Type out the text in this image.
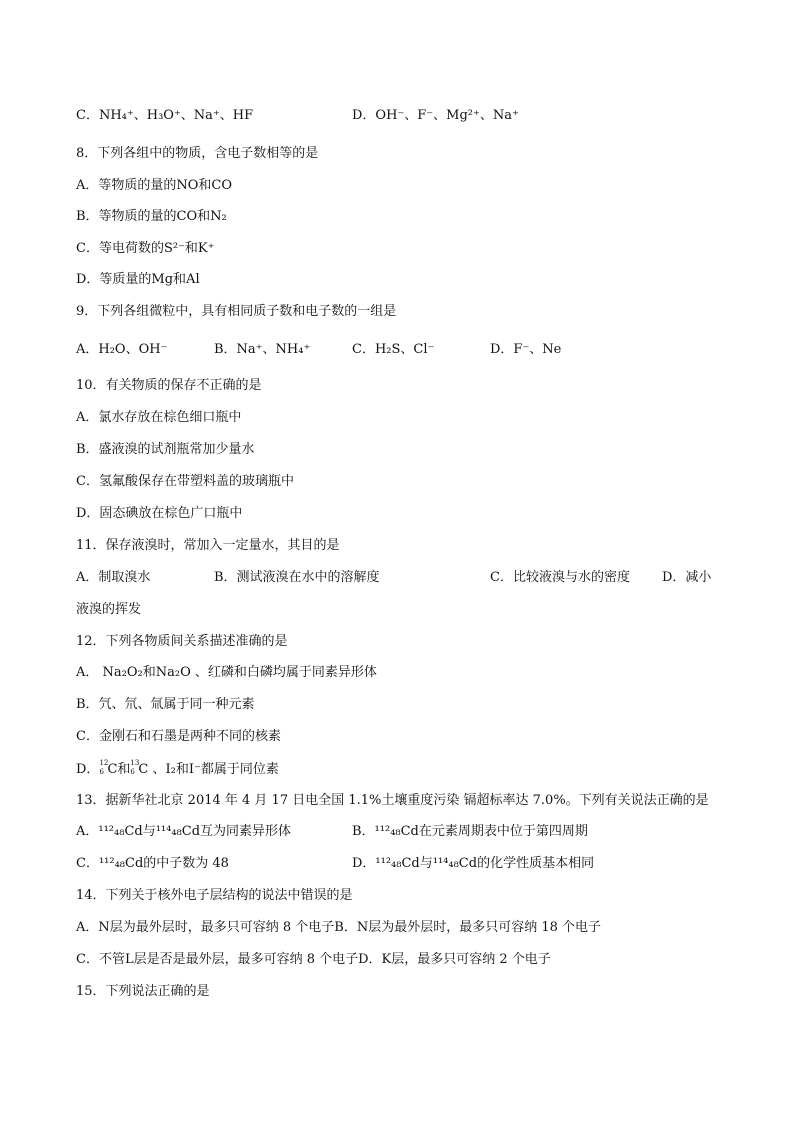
C．NH₄⁺、H₃O⁺、Na⁺、HF	D．OH⁻、F⁻、Mg²⁺、Na⁺
8．下列各组中的物质，含电子数相等的是
A．等物质的量的NO和CO
B．等物质的量的CO和N₂
C．等电荷数的S²⁻和K⁺
D．等质量的Mg和Al
9．下列各组微粒中，具有相同质子数和电子数的一组是
A．H₂O、OH⁻	B．Na⁺、NH₄⁺	C．H₂S、Cl⁻	D．F⁻、Ne
10．有关物质的保存不正确的是
A．氯水存放在棕色细口瓶中
B．盛液溴的试剂瓶常加少量水
C．氢氟酸保存在带塑料盖的玻璃瓶中
D．固态碘放在棕色广口瓶中
11．保存液溴时，常加入一定量水，其目的是
A．制取溴水	B．测试液溴在水中的溶解度	C．比较液溴与水的密度 D．减小
液溴的挥发
12．下列各物质间关系描述准确的是
A． Na₂O₂和Na₂O 、红磷和白磷均属于同素异形体
B．氕、氘、氚属于同一种元素
C．金刚石和石墨是两种不同的核素
D． 12
6 C和 13
6 C 、I₂和I⁻都属于同位素
13．据新华社北京 2014 年 4 月 17 日电全国 1.1%土壤重度污染 镉超标率达 7.0%。下列有关说法正确的是
A．¹¹²₄₈Cd与¹¹⁴₄₈Cd互为同素异形体	B．¹¹²₄₈Cd在元素周期表中位于第四周期
C．¹¹²₄₈Cd的中子数为 48	D．¹¹²₄₈Cd与¹¹⁴₄₈Cd的化学性质基本相同
14．下列关于核外电子层结构的说法中错误的是
A．N层为最外层时，最多只可容纳 8 个电子B．N层为最外层时，最多只可容纳 18 个电子
C．不管L层是否是最外层，最多可容纳 8 个电子D．K层，最多只可容纳 2 个电子
15．下列说法正确的是
